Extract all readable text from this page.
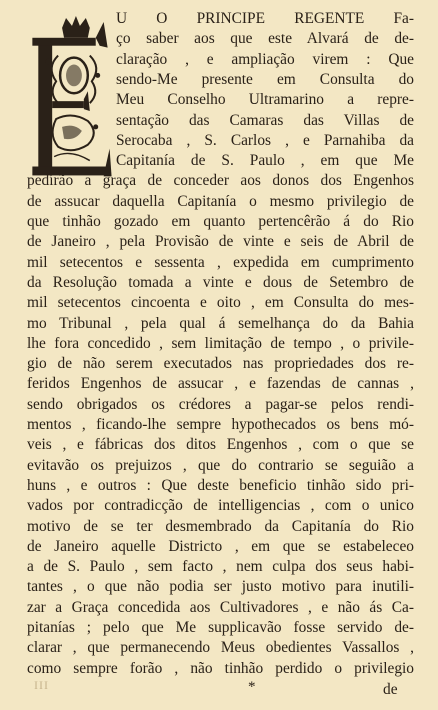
U O PRINCIPE REGENTE Fa-
ço saber aos que este Alvará de de-
claração , e ampliação virem : Que
sendo-Me presente em Consulta do
Meu Conselho Ultramarino a repre-
sentação das Camaras das Villas de
Serocaba , S. Carlos , e Parnahiba da
Capitanía de S. Paulo , em que Me
pedírão a graça de conceder aos donos dos Engenhos
de assucar daquella Capitanía o mesmo privilegio de
que tinhão gozado em quanto pertencêrão á do Rio
de Janeiro , pela Provisão de vinte e seis de Abril de
mil setecentos e sessenta , expedida em cumprimento
da Resolução tomada a vinte e dous de Setembro de
mil setecentos cincoenta e oito , em Consulta do mes-
mo Tribunal , pela qual á semelhança do da Bahia
lhe fora concedido , sem limitação de tempo , o privile-
gio de não serem executados nas propriedades dos re-
feridos Engenhos de assucar , e fazendas de cannas ,
sendo obrigados os crédores a pagar-se pelos rendi-
mentos , ficando-lhe sempre hypothecados os bens mó-
veis , e fábricas dos ditos Engenhos , com o que se
evitavão os prejuizos , que do contrario se seguião a
huns , e outros : Que deste beneficio tinhão sido pri-
vados por contradicção de intelligencias , com o unico
motivo de se ter desmembrado da Capitanía do Rio
de Janeiro aquelle Districto , em que se estabeleceo
a de S. Paulo , sem facto , nem culpa dos seus habi-
tantes , o que não podia ser justo motivo para inutili-
zar a Graça concedida aos Cultivadores , e não ás Ca-
pitanías ; pelo que Me supplicavão fosse servido de-
clarar , que permanecendo Meus obedientes Vassallos ,
como sempre forão , não tinhão perdido o privilegio
III	*	de
